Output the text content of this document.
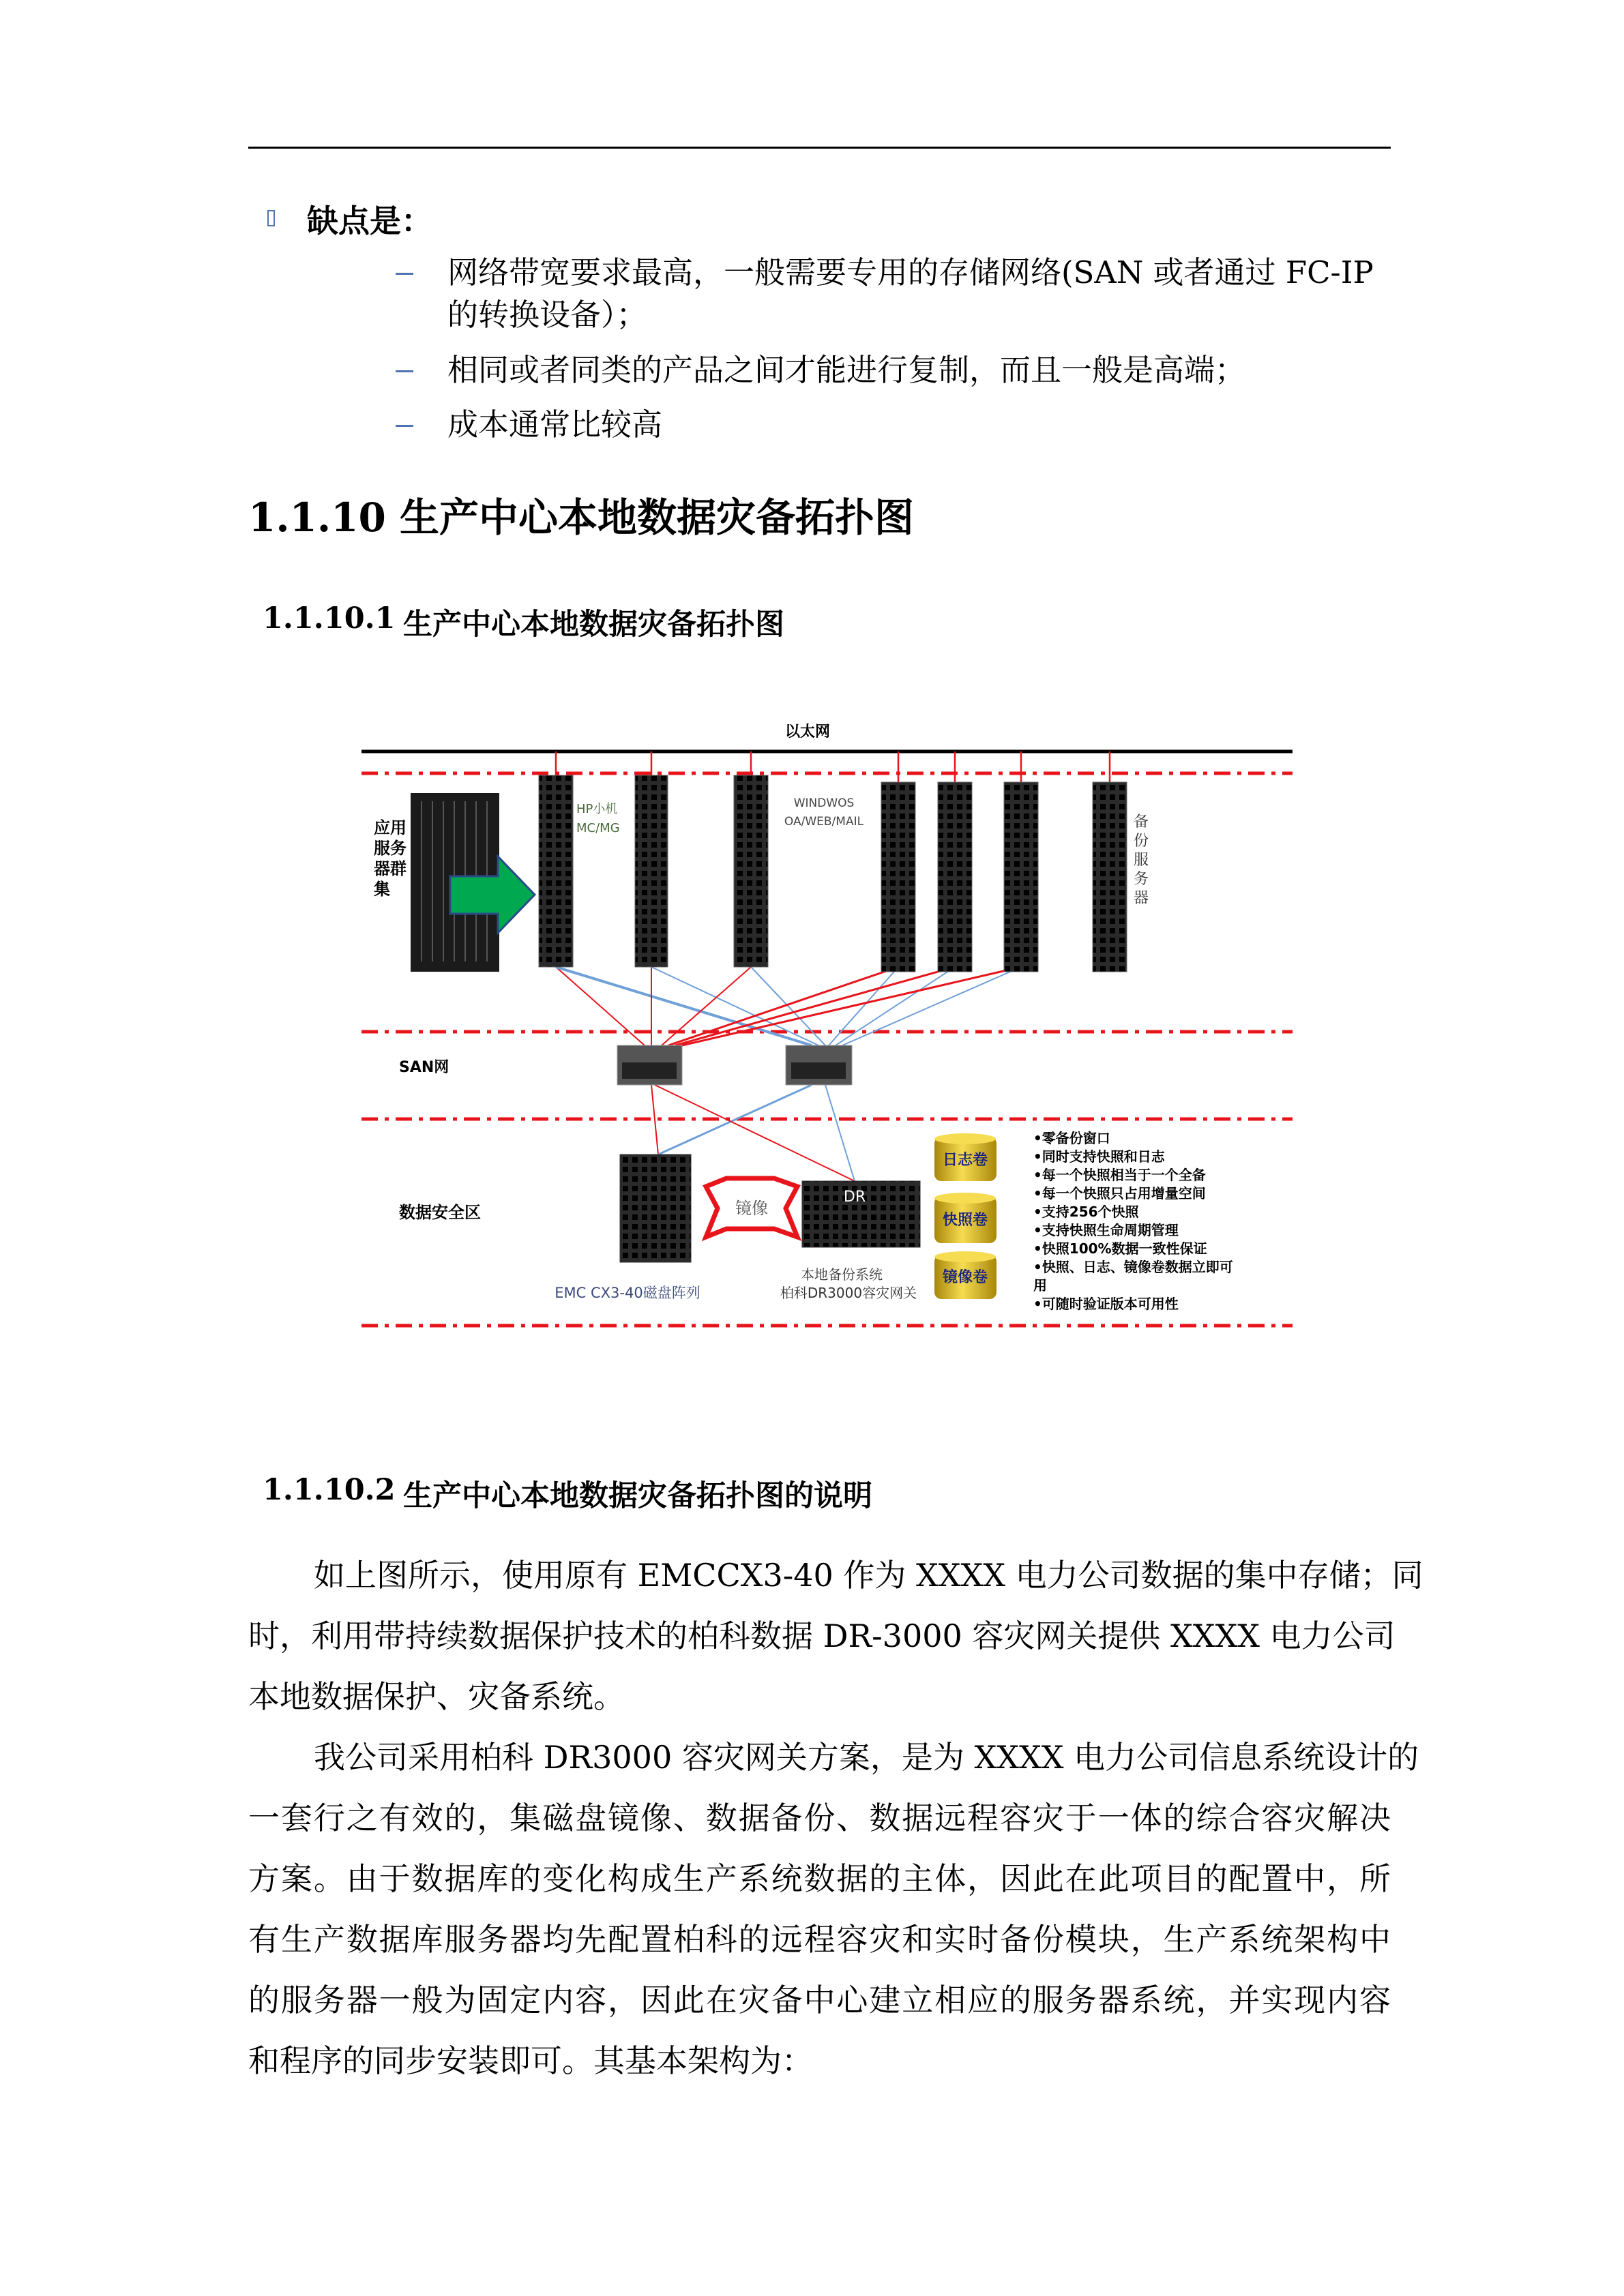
缺点是：
网络带宽要求最高，一般需要专用的存储网络(SAN 或者通过 FC-IP
的转换设备）；
相同或者同类的产品之间才能进行复制，而且一般是高端；
成本通常比较高
1.1.10 生产中心本地数据灾备拓扑图
1.1.10.1 生产中心本地数据灾备拓扑图
以太网
应用
服务
器群
集
HP小机
MC/MG
WINDWOS
OA/WEB/MAIL	备
份
服
务
器
SAN网
数据安全区	镜像
DR
EMC CX3-40磁盘阵列
本地备份系统
柏科DR3000容灾网关
日志卷
快照卷
镜像卷
•零备份窗口
•同时支持快照和日志
•每一个快照相当于一个全备
•每一个快照只占用增量空间
•支持256个快照
•支持快照生命周期管理
•快照100%数据一致性保证
•快照、日志、镜像卷数据立即可
用
•可随时验证版本可用性
1.1.10.2 生产中心本地数据灾备拓扑图的说明
如上图所示，使用原有 EMCCX3-40 作为 XXXX 电力公司数据的集中存储；同
时，利用带持续数据保护技术的柏科数据 DR-3000 容灾网关提供 XXXX 电力公司
本地数据保护、灾备系统。
我公司采用柏科 DR3000 容灾网关方案，是为 XXXX 电力公司信息系统设计的
一套行之有效的，集磁盘镜像、数据备份、数据远程容灾于一体的综合容灾解决
方案。由于数据库的变化构成生产系统数据的主体，因此在此项目的配置中，所
有生产数据库服务器均先配置柏科的远程容灾和实时备份模块，生产系统架构中
的服务器一般为固定内容，因此在灾备中心建立相应的服务器系统，并实现内容
和程序的同步安装即可。其基本架构为：
